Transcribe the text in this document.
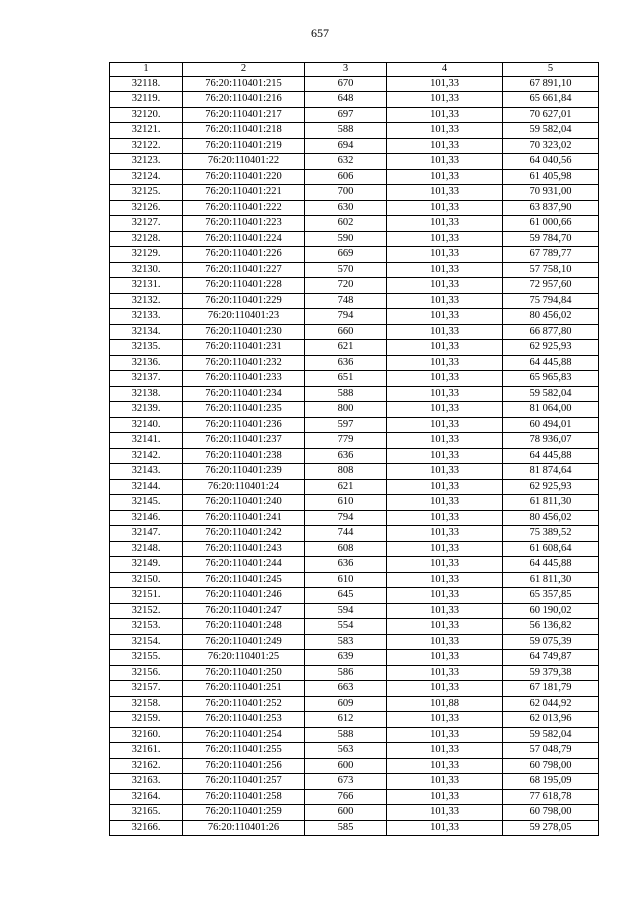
657
1	2	3	4	5
32118.	76:20:110401:215	670	101,33	67 891,10
32119.	76:20:110401:216	648	101,33	65 661,84
32120.	76:20:110401:217	697	101,33	70 627,01
32121.	76:20:110401:218	588	101,33	59 582,04
32122.	76:20:110401:219	694	101,33	70 323,02
32123.	76:20:110401:22	632	101,33	64 040,56
32124.	76:20:110401:220	606	101,33	61 405,98
32125.	76:20:110401:221	700	101,33	70 931,00
32126.	76:20:110401:222	630	101,33	63 837,90
32127.	76:20:110401:223	602	101,33	61 000,66
32128.	76:20:110401:224	590	101,33	59 784,70
32129.	76:20:110401:226	669	101,33	67 789,77
32130.	76:20:110401:227	570	101,33	57 758,10
32131.	76:20:110401:228	720	101,33	72 957,60
32132.	76:20:110401:229	748	101,33	75 794,84
32133.	76:20:110401:23	794	101,33	80 456,02
32134.	76:20:110401:230	660	101,33	66 877,80
32135.	76:20:110401:231	621	101,33	62 925,93
32136.	76:20:110401:232	636	101,33	64 445,88
32137.	76:20:110401:233	651	101,33	65 965,83
32138.	76:20:110401:234	588	101,33	59 582,04
32139.	76:20:110401:235	800	101,33	81 064,00
32140.	76:20:110401:236	597	101,33	60 494,01
32141.	76:20:110401:237	779	101,33	78 936,07
32142.	76:20:110401:238	636	101,33	64 445,88
32143.	76:20:110401:239	808	101,33	81 874,64
32144.	76:20:110401:24	621	101,33	62 925,93
32145.	76:20:110401:240	610	101,33	61 811,30
32146.	76:20:110401:241	794	101,33	80 456,02
32147.	76:20:110401:242	744	101,33	75 389,52
32148.	76:20:110401:243	608	101,33	61 608,64
32149.	76:20:110401:244	636	101,33	64 445,88
32150.	76:20:110401:245	610	101,33	61 811,30
32151.	76:20:110401:246	645	101,33	65 357,85
32152.	76:20:110401:247	594	101,33	60 190,02
32153.	76:20:110401:248	554	101,33	56 136,82
32154.	76:20:110401:249	583	101,33	59 075,39
32155.	76:20:110401:25	639	101,33	64 749,87
32156.	76:20:110401:250	586	101,33	59 379,38
32157.	76:20:110401:251	663	101,33	67 181,79
32158.	76:20:110401:252	609	101,88	62 044,92
32159.	76:20:110401:253	612	101,33	62 013,96
32160.	76:20:110401:254	588	101,33	59 582,04
32161.	76:20:110401:255	563	101,33	57 048,79
32162.	76:20:110401:256	600	101,33	60 798,00
32163.	76:20:110401:257	673	101,33	68 195,09
32164.	76:20:110401:258	766	101,33	77 618,78
32165.	76:20:110401:259	600	101,33	60 798,00
32166.	76:20:110401:26	585	101,33	59 278,05
